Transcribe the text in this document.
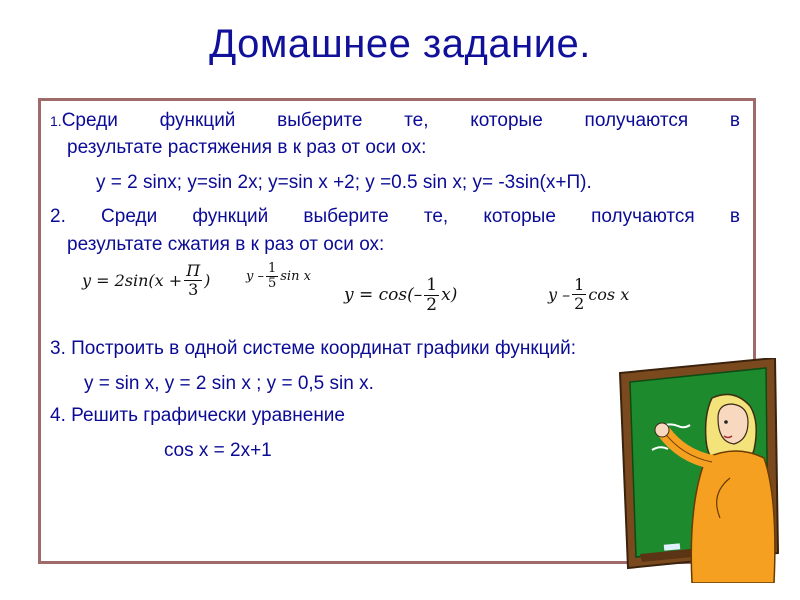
Домашнее задание.
1.Среди функций выберите те, которые получаются в
результате растяжения в к раз от оси ох:
у = 2 sinx; y=sin 2x; y=sin x +2; y =0.5 sin x; y= -3sin(x+П).
2. Среди функций выберите те, которые получаются в
результате сжатия в к раз от оси ох:
$y = 2\sin(x + \frac{П}{3}$ )	y – $\frac{1}{5}$ sin x
$y = \cos(- \frac{1}{2} x)$	y – $\frac{1}{2}$ cos x
3. Построить в одной системе координат графики функций:
у = sin x, у = 2 sin x ; у = 0,5 sin x.
4. Решить графически уравнение
cos x = 2x+1
